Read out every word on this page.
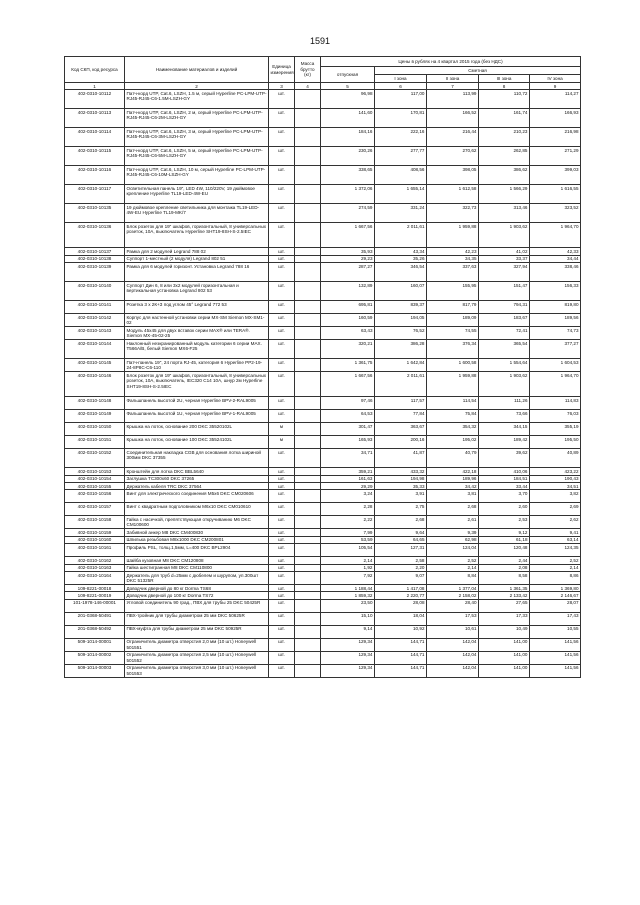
1591
Код СКП, код ресурса	Наименование материалов и изделий	Единица измерения	Масса брутто (кг)	Цены в рублях на 4 квартал 2015 года (без НДС)				
				отпускная	Сметная			
					I зона	II зона	III зона	IV зона
1	2	3	4	5	6	7	8	9
402-0310-10112	Патч-корд UTP, Cat.6, LSZH, 1.5 м, серый Hyperline PC-LPM-UTP-RJ45-RJ45-C6-1.5M-LSZH-GY	шт.		96,98	117,00	113,99	110,72	114,27
402-0310-10113	Патч-корд UTP, Cat.6, LSZH, 2 м, серый Hyperline PC-LPM-UTP-RJ45-RJ45-C6-2M-LSZH-GY	шт.		141,60	170,81	166,52	161,74	166,93
402-0310-10114	Патч-корд UTP, Cat.6, LSZH, 3 м, серый Hyperline PC-LPM-UTP-RJ45-RJ45-C6-3M-LSZH-GY	шт.		184,16	222,16	216,44	210,23	216,98
402-0310-10115	Патч-корд UTP, Cat.6, LSZH, 5 м, серый Hyperline PC-LPM-UTP-RJ45-RJ45-C6-5M-LSZH-GY	шт.		230,26	277,77	270,62	262,85	271,29
402-0310-10116	Патч-корд UTP, Cat.6, LSZH, 10 м, серый Hyperline PC-LPM-UTP-RJ45-RJ45-C6-10M-LSZH-GY	шт.		338,65	408,56	398,05	386,62	399,03
402-0310-10117	Осветительная панель 19", LED 4W, 110/220V, 19 дюймовое крепление Hyperline TL19-LED-4W-EU	шт.		1 372,06	1 655,14	1 612,58	1 566,29	1 616,55
402-0310-10135	19 дюймовое крепление светильника для монтажа TL19-LED-4W-EU Hyperline TL19-MK/7	шт.		274,59	331,24	322,73	313,46	323,52
402-0310-10136	Блок розеток для 19" шкафов, горизонтальный, 8 универсальных розеток, 10А, выключатель Hyperline SHT19-8SH-S-2.5IEC	шт.		1 667,56	2 011,61	1 959,88	1 903,62	1 964,70
402-0310-10137	Рамка для 2 модулей Legrand 788 02	шт.		35,93	43,34	42,23	41,02	42,33
402-0310-10138	Суппорт 1-местный (2 модуля) Legrand 802 51	шт.		29,23	35,26	34,35	33,37	34,44
402-0310-10139	Рамка для 6 модулей горизонт. Установка Legrand 788 16	шт.		287,27	346,54	337,63	327,94	338,46
402-0310-10140	Суппорт Дин 6, 8 или 3x2 модулей горизонтальная и вертикальная установка Legrand 802 53	шт.		132,89	160,07	155,95	151,47	156,33
402-0310-10141	Розетка 3 x 2К+З под углом 45° Legrand 772 53	шт.		695,81	839,37	817,79	794,31	819,80
402-0310-10142	Корпус для настенной установки серии MX-SM Siemon MX-SM1-02	шт.		160,59	194,05	189,09	183,67	189,56
402-0310-10143	Модуль 45x45 для двух вставок серии MAX® или TERA®. Siemon MX-45-02-25	шт.		63,43	76,52	74,55	72,41	74,73
402-0310-10144	Наклонный неэкранированный модуль категории 6 серии MAX. T566A/B, белый Siemon MX6-F25	шт.		320,21	386,28	376,34	365,54	377,27
402-0310-10145	Патч-панель 19", 24 порта RJ-45, категория 6 Hyperline PP2-19-24-8P8C-C6-110	шт.		1 361,75	1 642,84	1 600,58	1 554,64	1 604,53
402-0310-10146	Блок розеток для 19" шкафов, горизонтальный, 8 универсальных розеток, 10А, выключатель, IEC320 C14 10A, шнур 2м Hyperline SHT19-8SH-S-2.5IEC	шт.		1 667,56	2 011,61	1 959,88	1 903,62	1 964,70
402-0310-10148	Фальшпанель высотой 2U, черная Hyperline BPV-2-RAL9005	шт.		97,46	117,57	114,54	111,26	114,83
402-0310-10149	Фальшпанель высотой 1U, черная Hyperline BPV-1-RAL9005	шт.		64,53	77,84	75,84	73,66	76,03
402-0310-10150	Крышка на лоток, основание 200 DKC 35520102L	м		301,47	363,67	354,32	344,15	355,19
402-0310-10151	Крышка на лоток, основание 100 DKC 35524102L	м		165,93	200,16	195,02	189,42	195,50
402-0310-10152	Соединительная накладка CGB для основания лотка шириной 300мм DKC 37355	шт.		34,71	41,87	40,79	39,62	40,89
402-0310-10153	Кронштейн для лотка DKC BBL5640	шт.		359,21	433,32	422,18	410,06	423,22
402-0310-10154	Заглушка TC300x60 DKC 37265	шт.		161,63	194,98	189,96	184,51	190,43
402-0310-10155	Держатель кабеля TRC DKC 37564	шт.		29,29	35,33	34,42	33,44	34,51
402-0310-10156	Винт для электрического соединения M5x6 DKC CM020606	шт.		3,24	3,91	3,81	3,70	3,82
402-0310-10157	Винт с квадратным подголовником M6x10 DKC CM010610	шт.		2,28	2,75	2,68	2,60	2,69
402-0310-10158	Гайка с насечкой, препятствующая откручиванию M6 DKC CM100600	шт.		2,22	2,68	2,61	2,53	2,62
402-0310-10159	Забивной анкер M8 DKC CM400830	шт.		7,99	9,64	9,39	9,12	9,41
402-0310-10160	Шпилька резьбовая M8x1000 DKC CM200801	шт.		53,59	64,65	62,98	61,18	63,14
402-0310-10161	Профиль PSL, толщ.1,5мм, L=400 DKC BPL2904	шт.		105,54	127,31	124,04	120,48	124,35
402-0310-10162	Шайба кузовная M8 DKC CM120808	шт.		2,14	2,58	2,52	2,44	2,52
402-0310-10163	Гайка шестигранная M8 DKC CM110800	шт.		1,92	2,20	2,14	2,08	2,14
402-0310-10164	Держатель для труб d=25мм с дюбелем и шурупом, уп.300шт DKC 51325R	шт.		7,92	9,07	8,84	8,58	8,86
109-8221-00018	Доводчик дверной до 80 кг Dorma TS68	шт.		1 188,44	1 417,08	1 377,04	1 361,35	1 369,80
109-8221-00019	Доводчик дверной до 100 кг Dorma TS72	шт.		1 859,32	2 220,77	2 158,02	2 133,42	2 146,67
101-1978-146-00001	Угловой соединитель 90 град., ПВХ для трубы 25 DKC 50425R	шт.		23,50	28,08	28,40	27,65	28,07
201-0368-50491	ПВХ-тройник для трубы диаметром 25 мм DKC 50625R	шт.		15,10	18,04	17,53	17,33	17,43
201-0368-50492	ПВХ-муфта для трубы диаметром 25 мм DKC 50925R	шт.		9,14	10,92	10,61	10,49	10,55
509-1014-00001	Ограничитель диаметра отверстия 2,0 мм (10 шт.) Honeywell 501551	шт.		129,34	144,71	142,04	141,00	141,56
509-1014-00002	Ограничитель диаметра отверстия 2,5 мм (10 шт.) Honeywell 501552	шт.		129,34	144,71	142,04	141,00	141,56
509-1014-00003	Ограничитель диаметра отверстия 3,0 мм (10 шт.) Honeywell 501553	шт.		129,34	144,71	142,04	141,00	141,56
